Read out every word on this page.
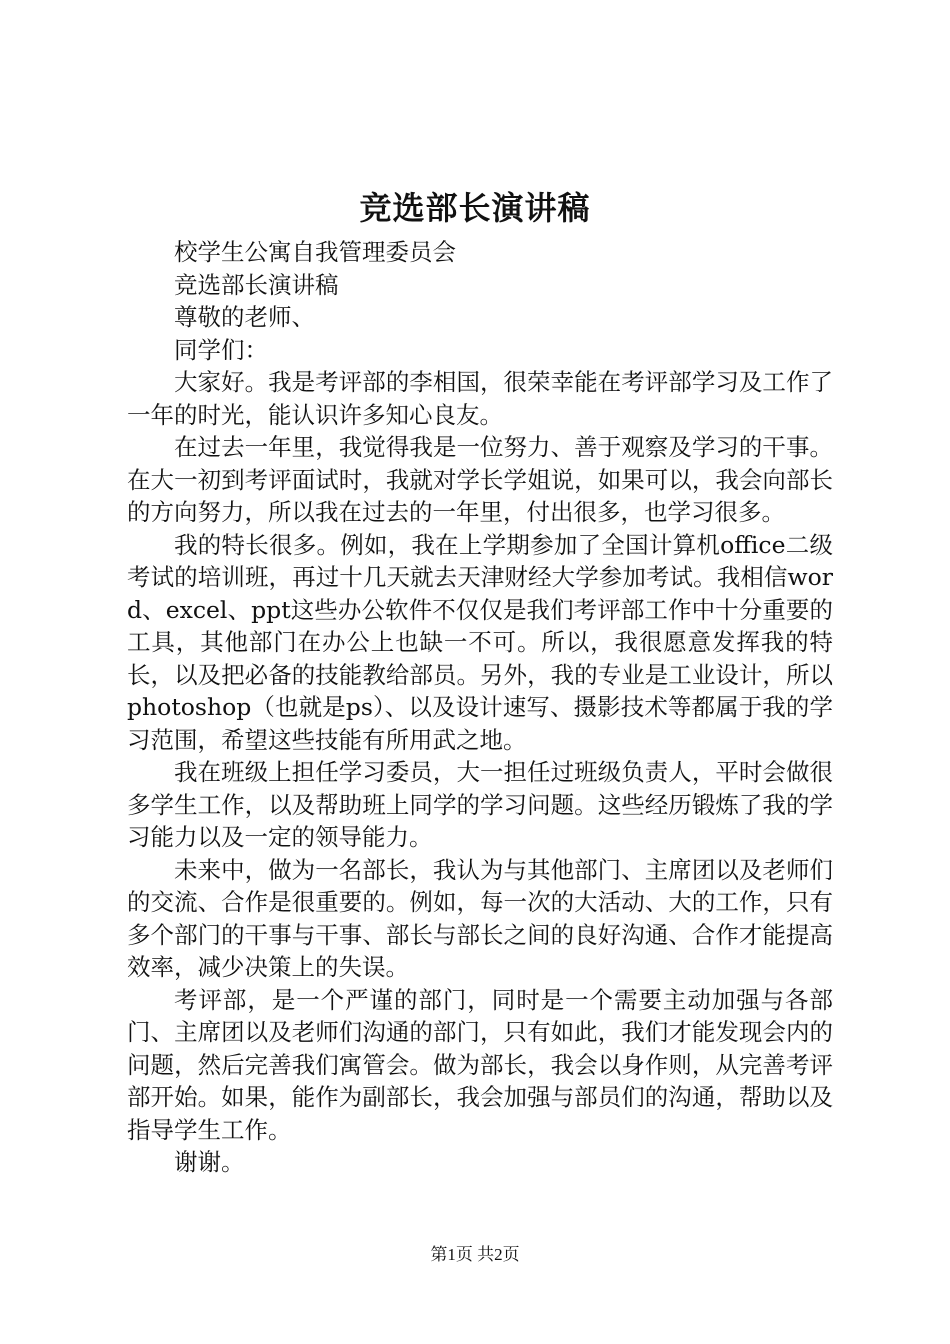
竞选部长演讲稿

校学生公寓自我管理委员会

竞选部长演讲稿

尊敬的老师、

同学们：

大家好。我是考评部的李相国，很荣幸能在考评部学习及工作了一年的时光，能认识许多知心良友。

在过去一年里，我觉得我是一位努力、善于观察及学习的干事。在大一初到考评面试时，我就对学长学姐说，如果可以，我会向部长的方向努力，所以我在过去的一年里，付出很多，也学习很多。

我的特长很多。例如，我在上学期参加了全国计算机office二级考试的培训班，再过十几天就去天津财经大学参加考试。我相信word、excel、ppt这些办公软件不仅仅是我们考评部工作中十分重要的工具，其他部门在办公上也缺一不可。所以，我很愿意发挥我的特长，以及把必备的技能教给部员。另外，我的专业是工业设计，所以photoshop（也就是ps）、以及设计速写、摄影技术等都属于我的学习范围，希望这些技能有所用武之地。

我在班级上担任学习委员，大一担任过班级负责人，平时会做很多学生工作，以及帮助班上同学的学习问题。这些经历锻炼了我的学习能力以及一定的领导能力。

未来中，做为一名部长，我认为与其他部门、主席团以及老师们的交流、合作是很重要的。例如，每一次的大活动、大的工作，只有多个部门的干事与干事、部长与部长之间的良好沟通、合作才能提高效率，减少决策上的失误。

考评部，是一个严谨的部门，同时是一个需要主动加强与各部门、主席团以及老师们沟通的部门，只有如此，我们才能发现会内的问题，然后完善我们寓管会。做为部长，我会以身作则，从完善考评部开始。如果，能作为副部长，我会加强与部员们的沟通，帮助以及指导学生工作。

谢谢。

第1页 共2页
